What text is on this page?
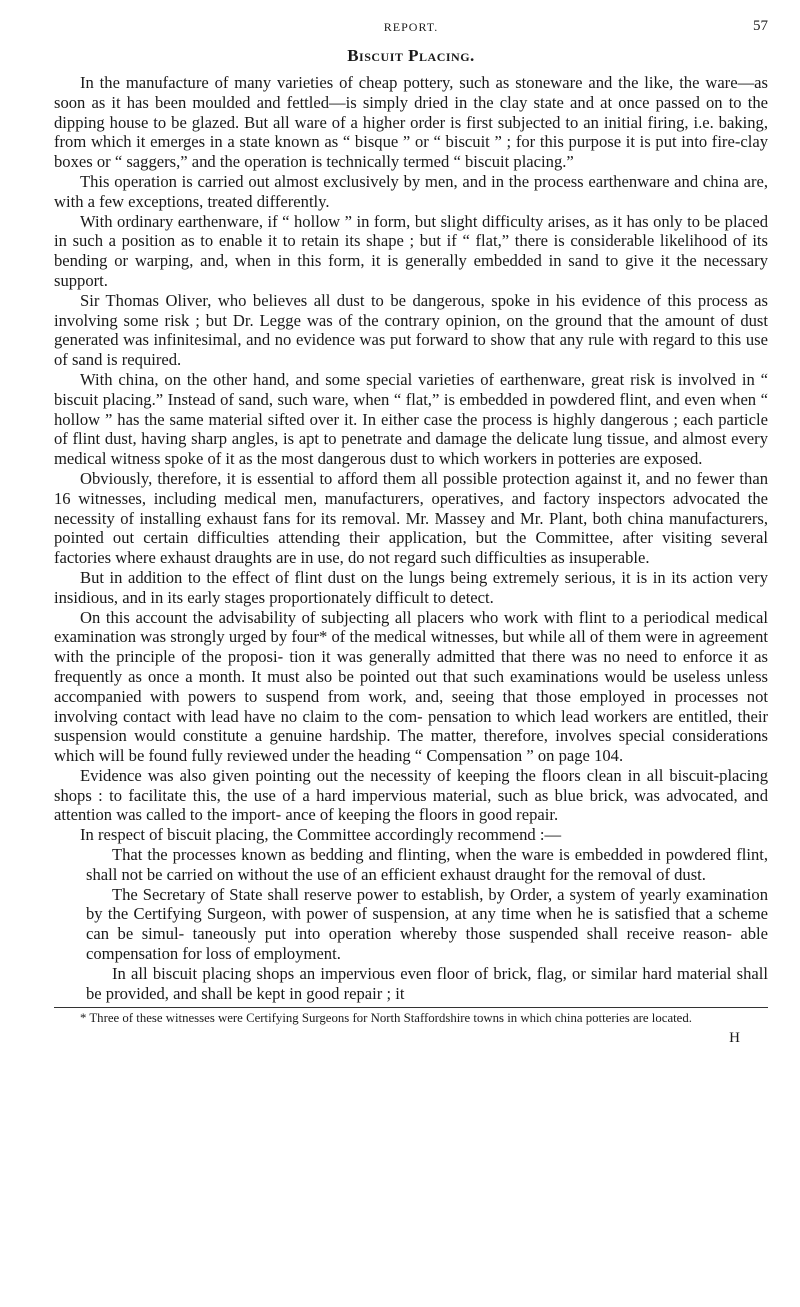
REPORT.	57
Biscuit Placing.

In the manufacture of many varieties of cheap pottery, such as stoneware and the like, the ware—as soon as it has been moulded and fettled—is simply dried in the clay state and at once passed on to the dipping house to be glazed. But all ware of a higher order is first subjected to an initial firing, i.e. baking, from which it emerges in a state known as “ bisque ” or “ biscuit ” ; for this purpose it is put into fire-clay boxes or “ saggers,” and the operation is technically termed “ biscuit placing.”

This operation is carried out almost exclusively by men, and in the process earthenware and china are, with a few exceptions, treated differently.

With ordinary earthenware, if “ hollow ” in form, but slight difficulty arises, as it has only to be placed in such a position as to enable it to retain its shape ; but if “ flat,” there is considerable likelihood of its bending or warping, and, when in this form, it is generally embedded in sand to give it the necessary support.

Sir Thomas Oliver, who believes all dust to be dangerous, spoke in his evidence of this process as involving some risk ; but Dr. Legge was of the contrary opinion, on the ground that the amount of dust generated was infinitesimal, and no evidence was put forward to show that any rule with regard to this use of sand is required.

With china, on the other hand, and some special varieties of earthenware, great risk is involved in “ biscuit placing.” Instead of sand, such ware, when “ flat,” is embedded in powdered flint, and even when “ hollow ” has the same material sifted over it. In either case the process is highly dangerous ; each particle of flint dust, having sharp angles, is apt to penetrate and damage the delicate lung tissue, and almost every medical witness spoke of it as the most dangerous dust to which workers in potteries are exposed.

Obviously, therefore, it is essential to afford them all possible protection against it, and no fewer than 16 witnesses, including medical men, manufacturers, operatives, and factory inspectors advocated the necessity of installing exhaust fans for its removal. Mr. Massey and Mr. Plant, both china manufacturers, pointed out certain difficulties attending their application, but the Committee, after visiting several factories where exhaust draughts are in use, do not regard such difficulties as insuperable.

But in addition to the effect of flint dust on the lungs being extremely serious, it is in its action very insidious, and in its early stages proportionately difficult to detect.

On this account the advisability of subjecting all placers who work with flint to a periodical medical examination was strongly urged by four* of the medical witnesses, but while all of them were in agreement with the principle of the proposi- tion it was generally admitted that there was no need to enforce it as frequently as once a month. It must also be pointed out that such examinations would be useless unless accompanied with powers to suspend from work, and, seeing that those employed in processes not involving contact with lead have no claim to the com- pensation to which lead workers are entitled, their suspension would constitute a genuine hardship. The matter, therefore, involves special considerations which will be found fully reviewed under the heading “ Compensation ” on page 104.

Evidence was also given pointing out the necessity of keeping the floors clean in all biscuit-placing shops : to facilitate this, the use of a hard impervious material, such as blue brick, was advocated, and attention was called to the import- ance of keeping the floors in good repair.

In respect of biscuit placing, the Committee accordingly recommend :—

That the processes known as bedding and flinting, when the ware is embedded in powdered flint, shall not be carried on without the use of an efficient exhaust draught for the removal of dust.

The Secretary of State shall reserve power to establish, by Order, a system of yearly examination by the Certifying Surgeon, with power of suspension, at any time when he is satisfied that a scheme can be simul- taneously put into operation whereby those suspended shall receive reason- able compensation for loss of employment.

In all biscuit placing shops an impervious even floor of brick, flag, or similar hard material shall be provided, and shall be kept in good repair ; it

* Three of these witnesses were Certifying Surgeons for North Staffordshire towns in which china potteries are located.

H
